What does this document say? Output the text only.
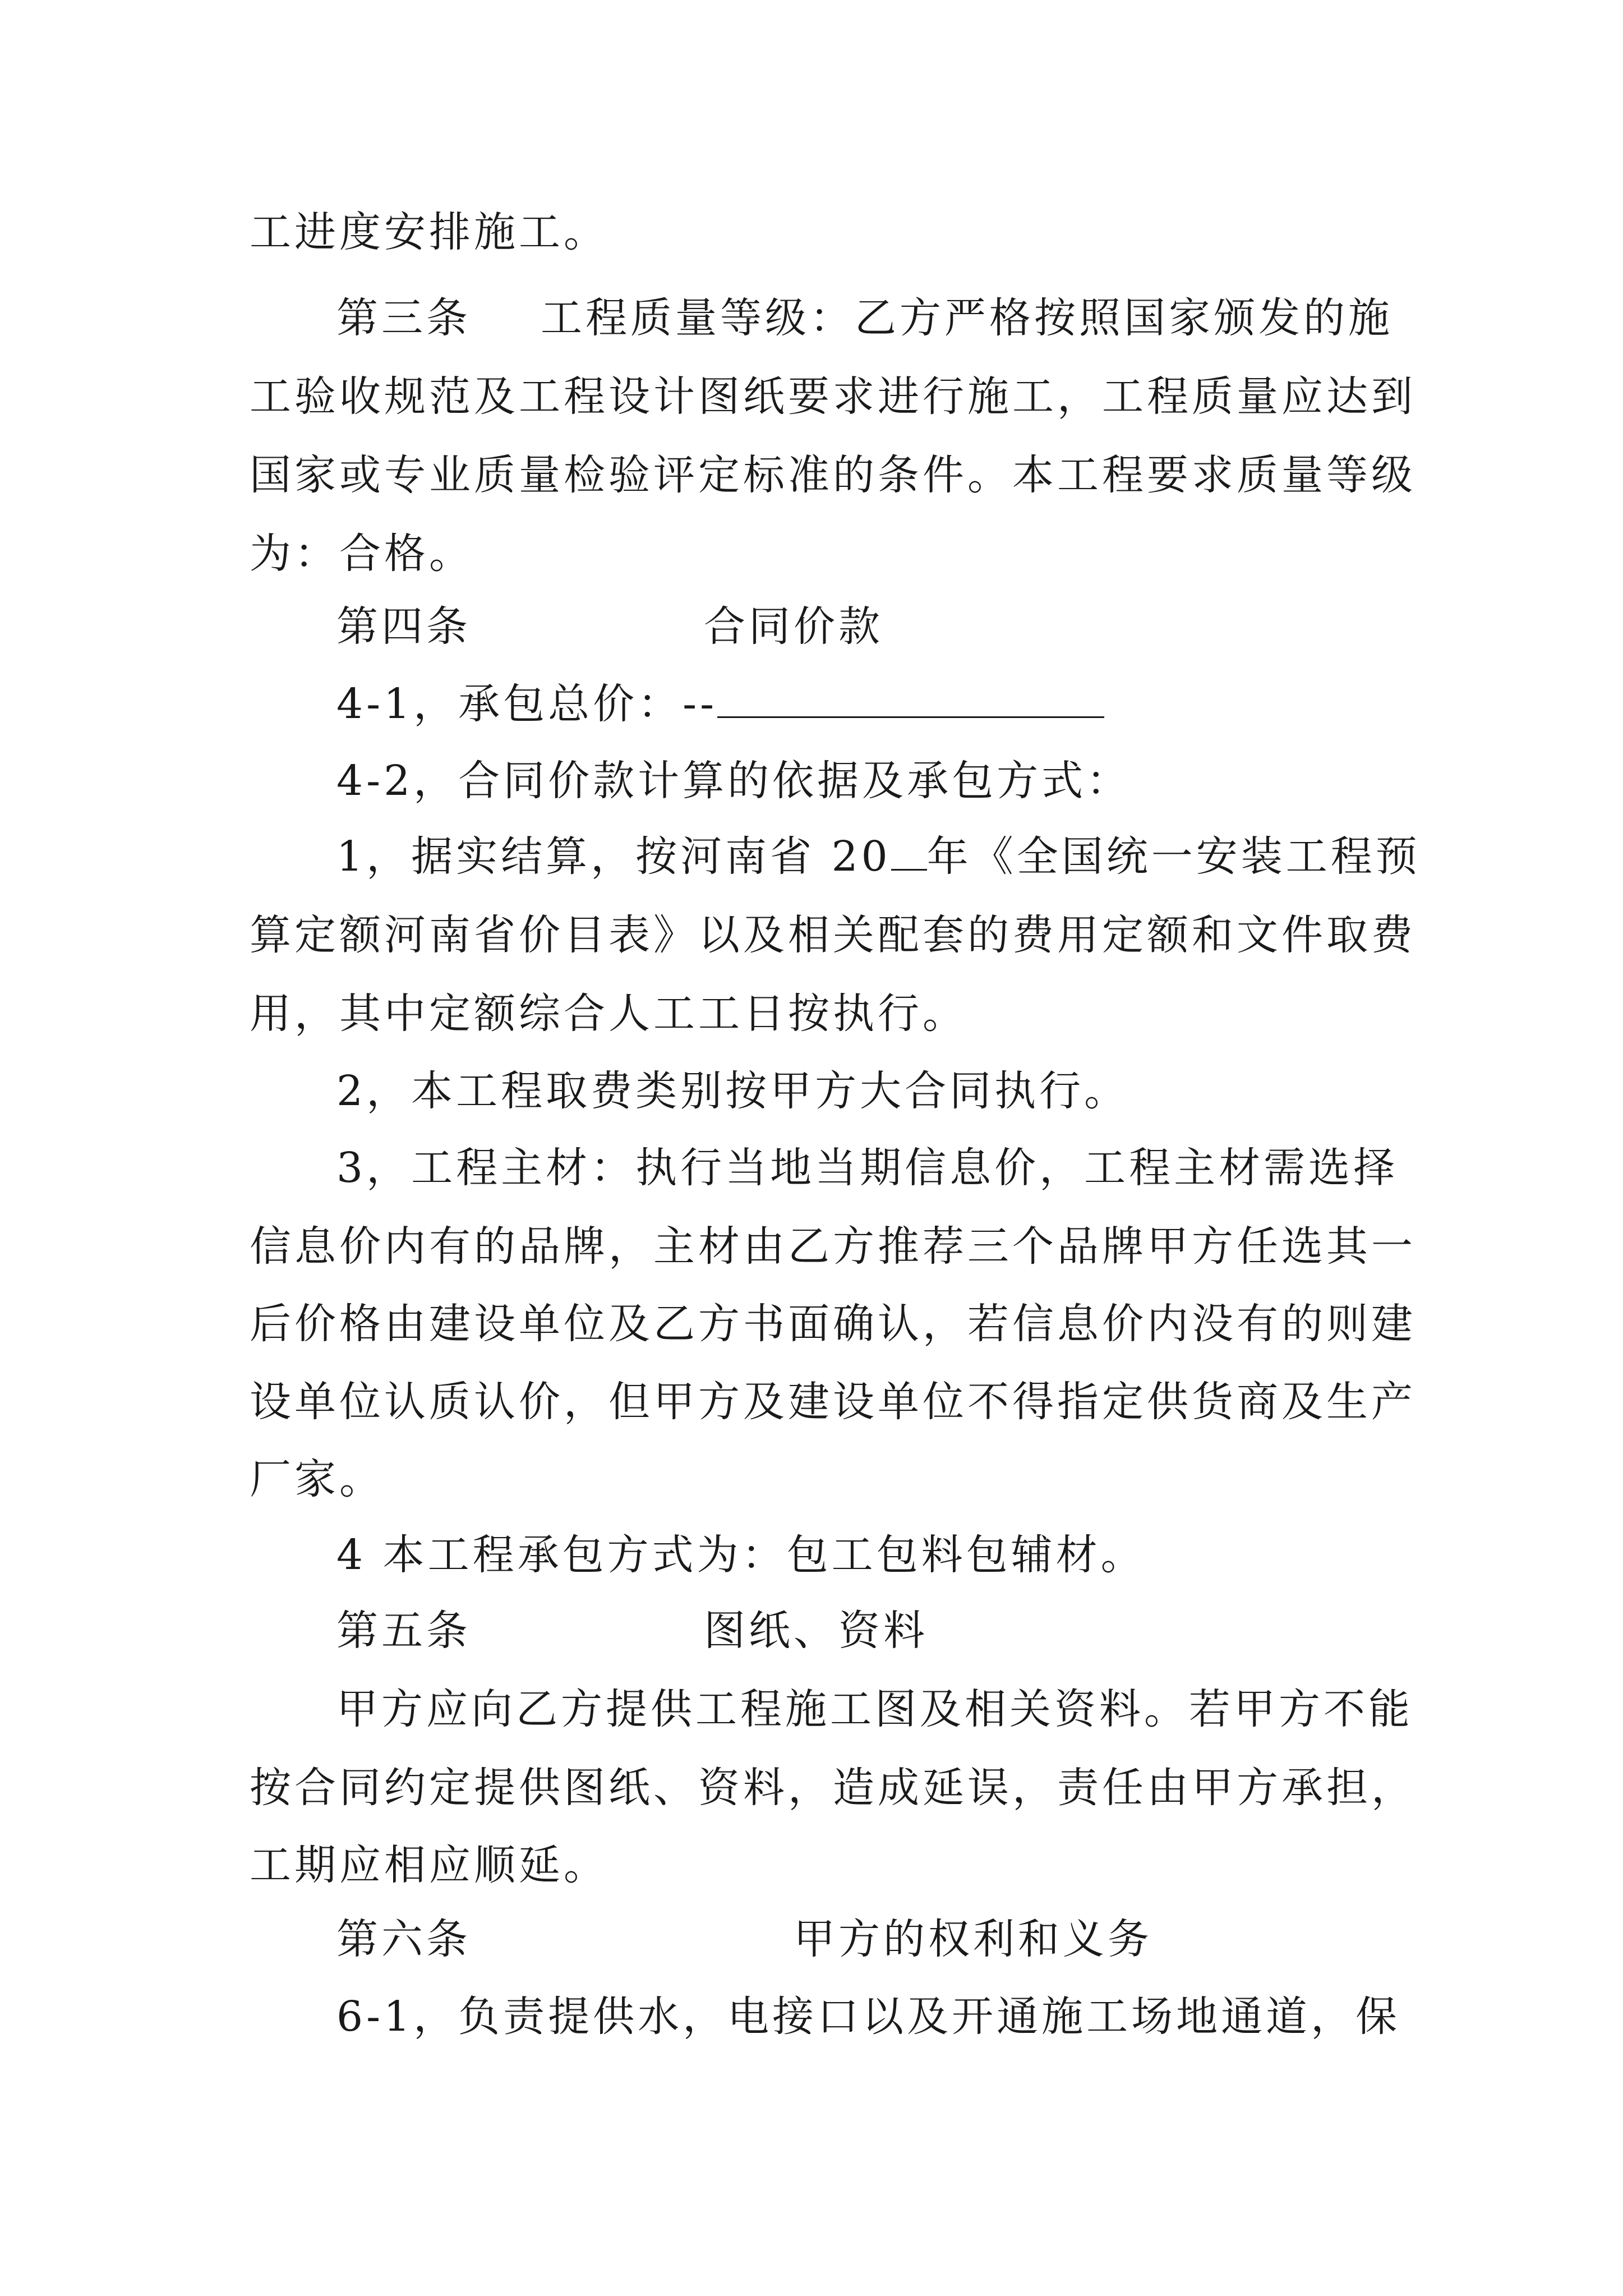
工进度安排施工。
第三条 工程质量等级：乙方严格按照国家颁发的施
工验收规范及工程设计图纸要求进行施工，工程质量应达到
国家或专业质量检验评定标准的条件。本工程要求质量等级
为：合格。
第四条	合同价款
4-1，承包总价：--
4-2，合同价款计算的依据及承包方式：
1，据实结算，按河南省 20 年《全国统一安装工程预
算定额河南省价目表》以及相关配套的费用定额和文件取费
用，其中定额综合人工工日按执行。
2，本工程取费类别按甲方大合同执行。
3，工程主材：执行当地当期信息价，工程主材需选择
信息价内有的品牌，主材由乙方推荐三个品牌甲方任选其一
后价格由建设单位及乙方书面确认，若信息价内没有的则建
设单位认质认价，但甲方及建设单位不得指定供货商及生产
厂家。
4 本工程承包方式为：包工包料包辅材。
第五条	图纸、资料
甲方应向乙方提供工程施工图及相关资料。若甲方不能
按合同约定提供图纸、资料，造成延误，责任由甲方承担，
工期应相应顺延。
第六条	甲方的权利和义务
6-1，负责提供水，电接口以及开通施工场地通道，保
